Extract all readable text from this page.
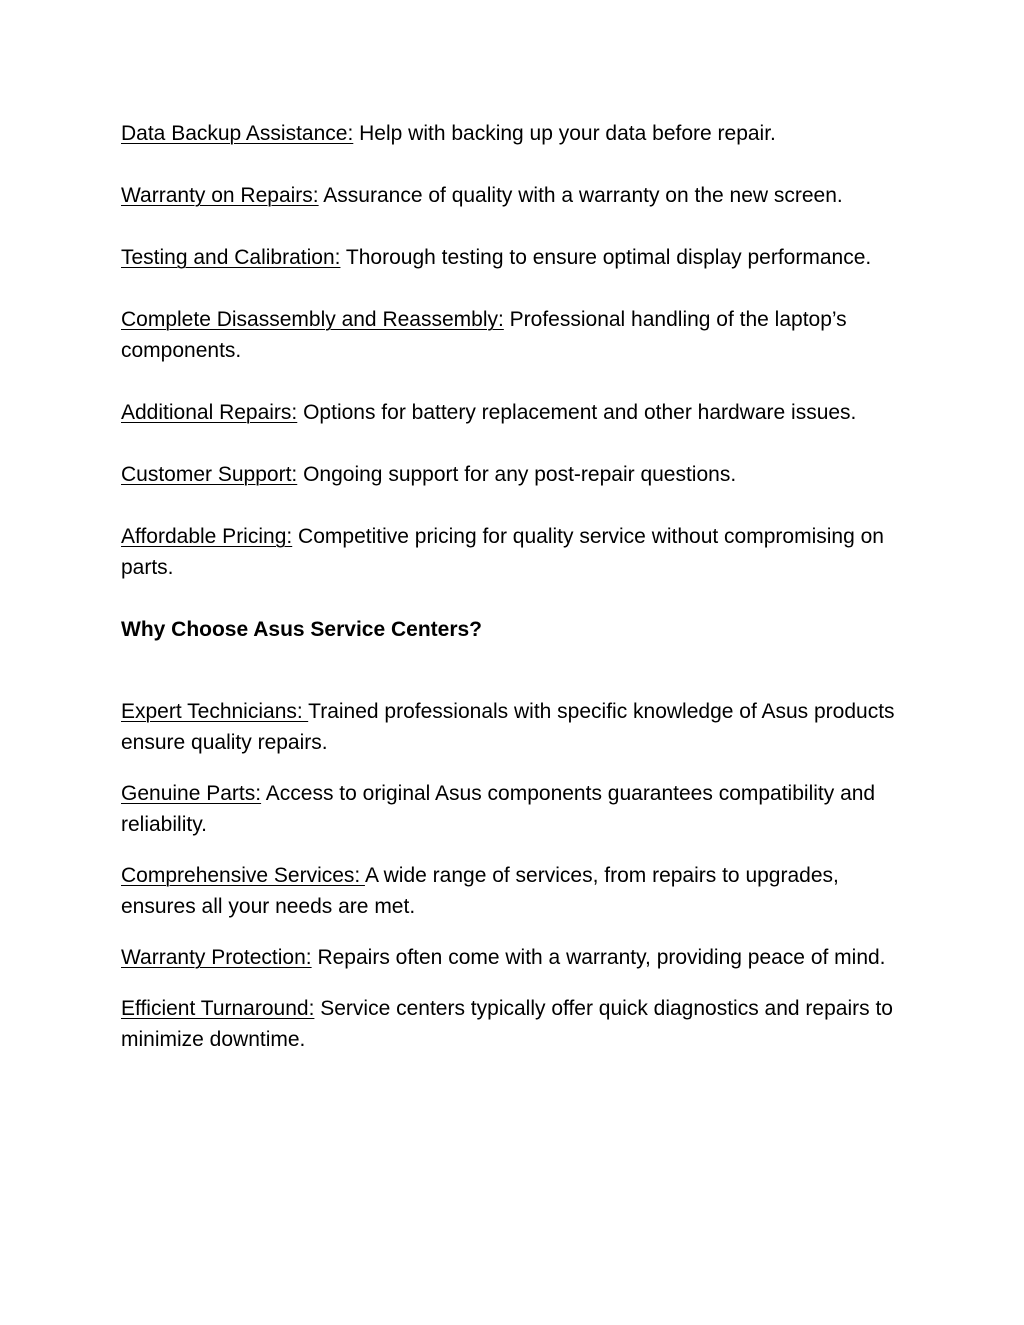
Data Backup Assistance: Help with backing up your data before repair.

Warranty on Repairs: Assurance of quality with a warranty on the new screen.

Testing and Calibration: Thorough testing to ensure optimal display performance.

Complete Disassembly and Reassembly: Professional handling of the laptop’s components.

Additional Repairs: Options for battery replacement and other hardware issues.

Customer Support: Ongoing support for any post-repair questions.

Affordable Pricing: Competitive pricing for quality service without compromising on parts.

Why Choose Asus Service Centers?

Expert Technicians: Trained professionals with specific knowledge of Asus products ensure quality repairs.

Genuine Parts: Access to original Asus components guarantees compatibility and reliability.

Comprehensive Services: A wide range of services, from repairs to upgrades, ensures all your needs are met.

Warranty Protection: Repairs often come with a warranty, providing peace of mind.

Efficient Turnaround: Service centers typically offer quick diagnostics and repairs to minimize downtime.
